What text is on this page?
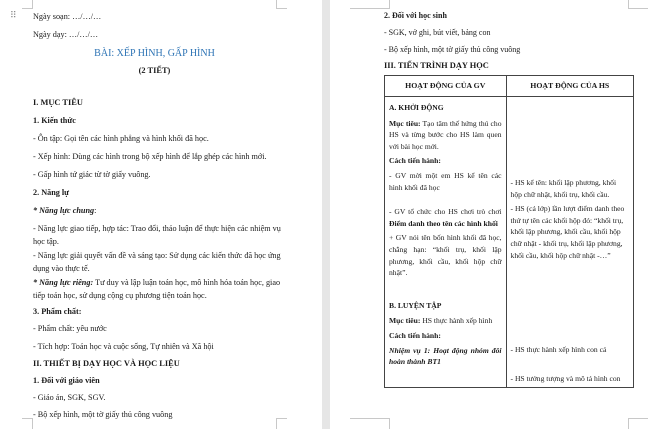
⠿ Ngày soạn: …/…/…
Ngày dạy: …/…/…
BÀI: XẾP HÌNH, GẤP HÌNH
(2 TIẾT)
I. MỤC TIÊU
1. Kiến thức
- Ôn tập: Gọi tên các hình phẳng và hình khối đã học.
- Xếp hình: Dùng các hình trong bộ xếp hình để lắp ghép các hình mới.
- Gấp hình tứ giác từ tờ giấy vuông.
2. Năng lự
* Năng lực chung:
- Năng lực giao tiếp, hợp tác: Trao đổi, thảo luận để thực hiện các nhiệm vụ học tập.
- Năng lực giải quyết vấn đề và sáng tạo: Sử dụng các kiến thức đã học ứng dụng vào thực tế.
* Năng lực riêng: Tư duy và lập luận toán học, mô hình hóa toán học, giao tiếp toán học, sử dụng cộng cụ phương tiện toán học.
3. Phẩm chất:
- Phẩm chất: yêu nước
- Tích hợp: Toán học và cuộc sống, Tự nhiên và Xã hội
II. THIẾT BỊ DẠY HỌC VÀ HỌC LIỆU
1. Đối với giáo viên
- Giáo án, SGK, SGV.
- Bộ xếp hình, một tờ giấy thủ công vuông
2. Đối với học sinh
- SGK, vở ghi, bút viết, bảng con
- Bộ xếp hình, một tờ giấy thủ công vuông
III. TIẾN TRÌNH DẠY HỌC
HOẠT ĐỘNG CỦA GV	HOẠT ĐỘNG CỦA HS

A. KHỞI ĐỘNG
Mục tiêu: Tạo tâm thế hứng thú cho HS và từng bước cho HS làm quen với bài học mới.
Cách tiến hành:
- GV mời một em HS kể tên các hình khối đã học
- GV tổ chức cho HS chơi trò chơi Điểm danh theo tên các hình khối
+ GV nói tên bốn hình khối đã học, chẳng hạn: “khối trụ, khối lập phương, khối cầu, khối hộp chữ nhật”.
B. LUYỆN TẬP
Mục tiêu: HS thực hành xếp hình
Cách tiến hành:
Nhiệm vụ 1: Hoạt động nhóm đôi hoàn thành BT1

- HS kể tên: khối lập phương, khối hộp chữ nhật, khối trụ, khối cầu.
- HS (cả lớp) lần lượt điểm danh theo thứ tự tên các khối hộp đó: “khối trụ, khối lập phương, khối cầu, khối hộp chữ nhật - khối trụ, khối lập phương, khối cầu, khối hộp chữ nhật -…”
- HS thực hành xếp hình con cá
- HS tưởng tượng và mô tả hình con
